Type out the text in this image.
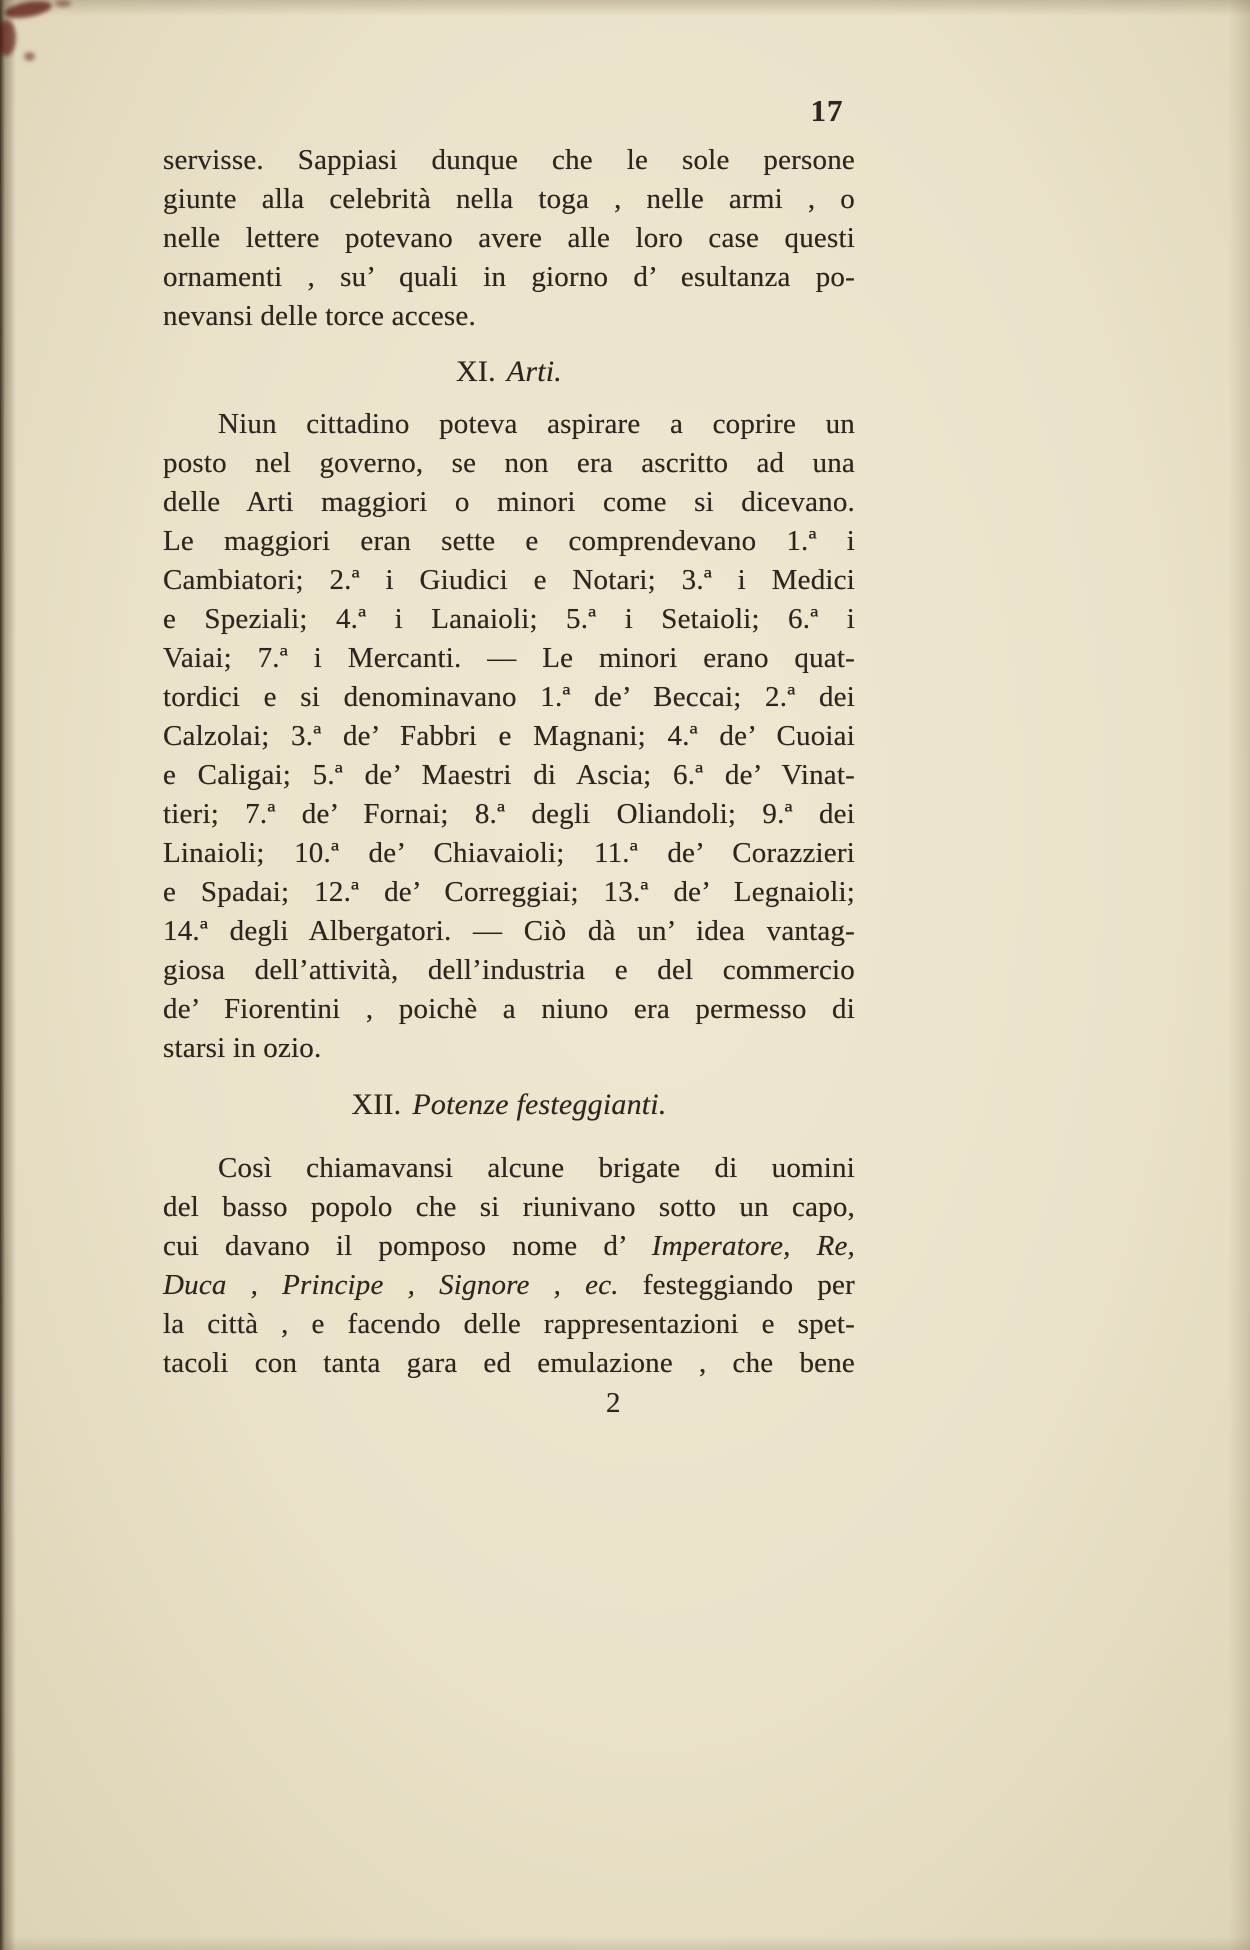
17
servisse. Sappiasi dunque che le sole persone
giunte alla celebrità nella toga , nelle armi , o
nelle lettere potevano avere alle loro case questi
ornamenti , su’ quali in giorno d’ esultanza po-
nevansi delle torce accese.
XI. Arti.
Niun cittadino poteva aspirare a coprire un
posto nel governo, se non era ascritto ad una
delle Arti maggiori o minori come si dicevano.
Le maggiori eran sette e comprendevano 1.ª i
Cambiatori; 2.ª i Giudici e Notari; 3.ª i Medici
e Speziali; 4.ª i Lanaioli; 5.ª i Setaioli; 6.ª i
Vaiai; 7.ª i Mercanti. — Le minori erano quat-
tordici e si denominavano 1.ª de’ Beccai; 2.ª dei
Calzolai; 3.ª de’ Fabbri e Magnani; 4.ª de’ Cuoiai
e Caligai; 5.ª de’ Maestri di Ascia; 6.ª de’ Vinat-
tieri; 7.ª de’ Fornai; 8.ª degli Oliandoli; 9.ª dei
Linaioli; 10.ª de’ Chiavaioli; 11.ª de’ Corazzieri
e Spadai; 12.ª de’ Correggiai; 13.ª de’ Legnaioli;
14.ª degli Albergatori. — Ciò dà un’ idea vantag-
giosa dell’attività, dell’industria e del commercio
de’ Fiorentini , poichè a niuno era permesso di
starsi in ozio.
XII. Potenze festeggianti.
Così chiamavansi alcune brigate di uomini
del basso popolo che si riunivano sotto un capo,
cui davano il pomposo nome d’ Imperatore, Re,
Duca , Principe , Signore , ec. festeggiando per
la città , e facendo delle rappresentazioni e spet-
tacoli con tanta gara ed emulazione , che bene
2
